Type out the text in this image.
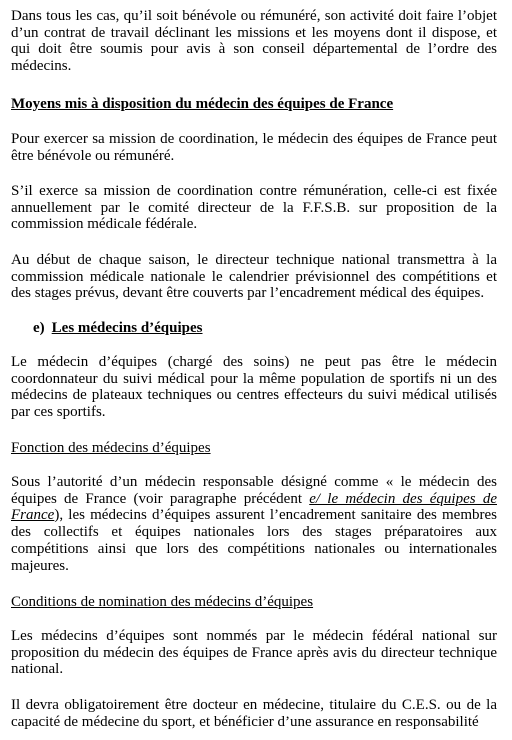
Dans tous les cas, qu’il soit bénévole ou rémunéré, son activité doit faire l’objet d’un contrat de travail déclinant les missions et les moyens dont il dispose, et qui doit être soumis pour avis à son conseil départemental de l’ordre des médecins.

Moyens mis à disposition du médecin des équipes de France

Pour exercer sa mission de coordination, le médecin des équipes de France peut être bénévole ou rémunéré.

S’il exerce sa mission de coordination contre rémunération, celle-ci est fixée annuellement par le comité directeur de la F.F.S.B. sur proposition de la commission médicale fédérale.

Au début de chaque saison, le directeur technique national transmettra à la commission médicale nationale le calendrier prévisionnel des compétitions et des stages prévus, devant être couverts par l’encadrement médical des équipes.

e) Les médecins d’équipes

Le médecin d’équipes (chargé des soins) ne peut pas être le médecin coordonnateur du suivi médical pour la même population de sportifs ni un des médecins de plateaux techniques ou centres effecteurs du suivi médical utilisés par ces sportifs.

Fonction des médecins d’équipes

Sous l’autorité d’un médecin responsable désigné comme « le médecin des équipes de France (voir paragraphe précédent e/ le médecin des équipes de France), les médecins d’équipes assurent l’encadrement sanitaire des membres des collectifs et équipes nationales lors des stages préparatoires aux compétitions ainsi que lors des compétitions nationales ou internationales majeures.

Conditions de nomination des médecins d’équipes

Les médecins d’équipes sont nommés par le médecin fédéral national sur proposition du médecin des équipes de France après avis du directeur technique national.

Il devra obligatoirement être docteur en médecine, titulaire du C.E.S. ou de la capacité de médecine du sport, et bénéficier d’une assurance en responsabilité
